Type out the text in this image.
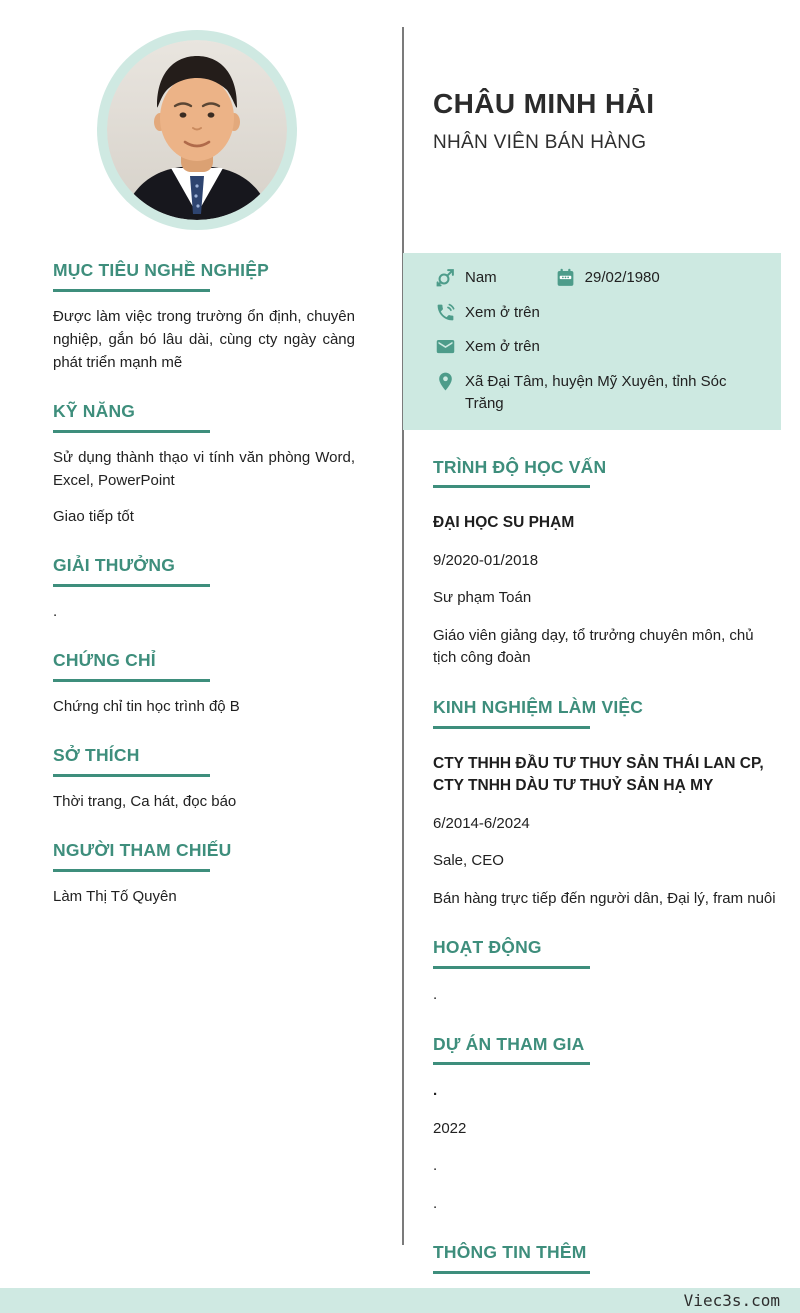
MỤC TIÊU NGHỀ NGHIỆP

Được làm việc trong trường ổn định, chuyên nghiệp, gắn bó lâu dài, cùng cty ngày càng phát triển mạnh mẽ

KỸ NĂNG

Sử dụng thành thạo vi tính văn phòng Word, Excel, PowerPoint

Giao tiếp tốt

GIẢI THƯỞNG

.

CHỨNG CHỈ

Chứng chỉ tin học trình độ B

SỞ THÍCH

Thời trang, Ca hát, đọc báo

NGƯỜI THAM CHIẾU

Làm Thị Tố Quyên

CHÂU MINH HẢI
NHÂN VIÊN BÁN HÀNG
Nam	29/02/1980
Xem ở trên
Xem ở trên
Xã Đại Tâm, huyện Mỹ Xuyên, tỉnh Sóc Trăng
TRÌNH ĐỘ HỌC VẤN
ĐẠI HỌC SU PHẠM

9/2020-01/2018

Sư phạm Toán

Giáo viên giảng dạy, tổ trưởng chuyên môn, chủ tịch công đoàn

KINH NGHIỆM LÀM VIỆC
CTY THHH ĐẦU TƯ THUY SẢN THÁI LAN CP, CTY TNHH DÀU TƯ THUỶ SẢN HẠ MY

6/2014-6/2024

Sale, CEO

Bán hàng trực tiếp đến người dân, Đại lý, fram nuôi

HOẠT ĐỘNG

.

DỰ ÁN THAM GIA

.

2022

.

.

THÔNG TIN THÊM

Viec3s.com
